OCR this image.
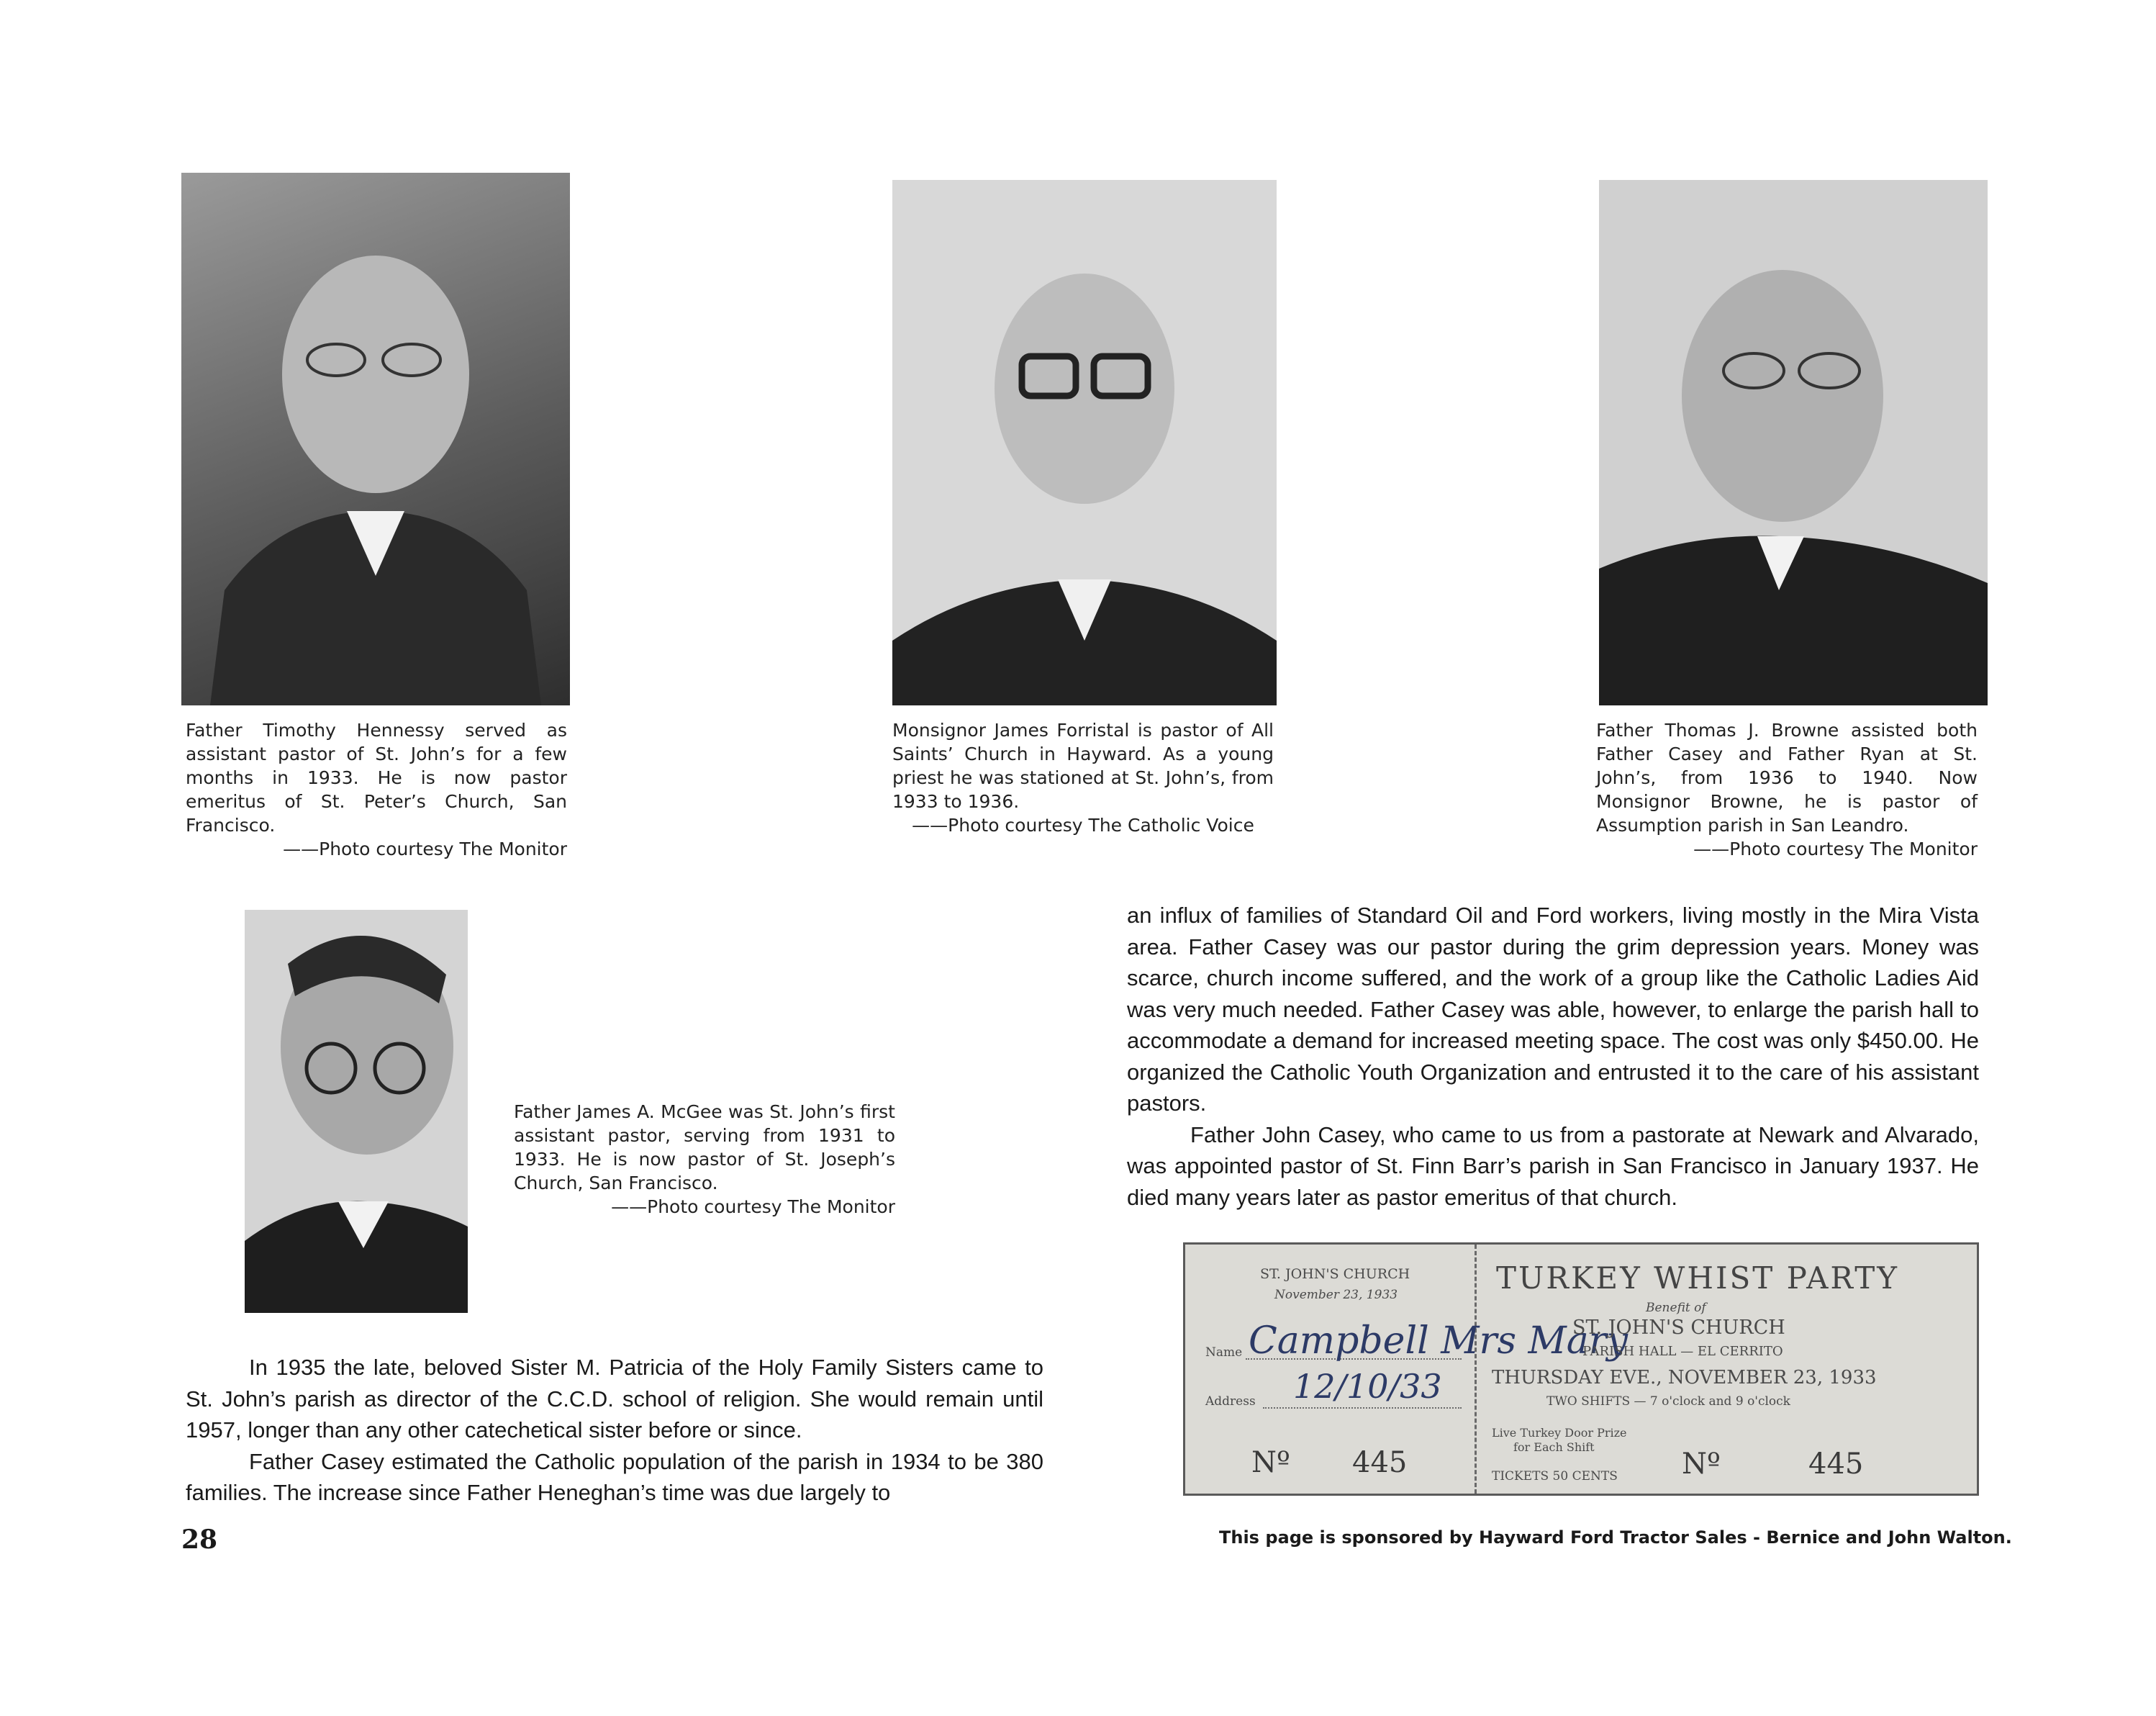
Father Timothy Hennessy served as assistant pastor of St. John’s for a few months in 1933. He is now pastor emeritus of St. Peter’s Church, San Francisco.
——Photo courtesy The Monitor
Monsignor James Forristal is pastor of All Saints’ Church in Hayward. As a young priest he was stationed at St. John’s, from 1933 to 1936.
——Photo courtesy The Catholic Voice
Father Thomas J. Browne assisted both Father Casey and Father Ryan at St. John’s, from 1936 to 1940. Now Monsignor Browne, he is pastor of Assumption parish in San Leandro.
——Photo courtesy The Monitor
Father James A. McGee was St. John’s first assistant pastor, serving from 1931 to 1933. He is now pastor of St. Joseph’s Church, San Francisco.
——Photo courtesy The Monitor

an influx of families of Standard Oil and Ford workers, living mostly in the Mira Vista area. Father Casey was our pastor during the grim depression years. Money was scarce, church income suffered, and the work of a group like the Catholic Ladies Aid was very much needed. Father Casey was able, however, to enlarge the parish hall to accommodate a demand for increased meeting space. The cost was only $450.00. He organized the Catholic Youth Organization and entrusted it to the care of his assistant pastors.

Father John Casey, who came to us from a pastorate at Newark and Alvarado, was appointed pastor of St. Finn Barr’s parish in San Francisco in January 1937. He died many years later as pastor emeritus of that church.

In 1935 the late, beloved Sister M. Patricia of the Holy Family Sisters came to St. John’s parish as director of the C.C.D. school of religion. She would remain until 1957, longer than any other catechetical sister before or since.

Father Casey estimated the Catholic population of the parish in 1934 to be 380 families. The increase since Father Heneghan’s time was due largely to

ST. JOHN'S CHURCH
November 23, 1933
Name
Address
Campbell Mrs Mary
12/10/33
Nº 445
TURKEY WHIST PARTY
Benefit of
ST. JOHN'S CHURCH
PARISH HALL — EL CERRITO
THURSDAY EVE., NOVEMBER 23, 1933
TWO SHIFTS — 7 o'clock and 9 o'clock
Live Turkey Door Prize
for Each Shift
TICKETS 50 CENTS Nº	445
28	This page is sponsored by Hayward Ford Tractor Sales - Bernice and John Walton.
